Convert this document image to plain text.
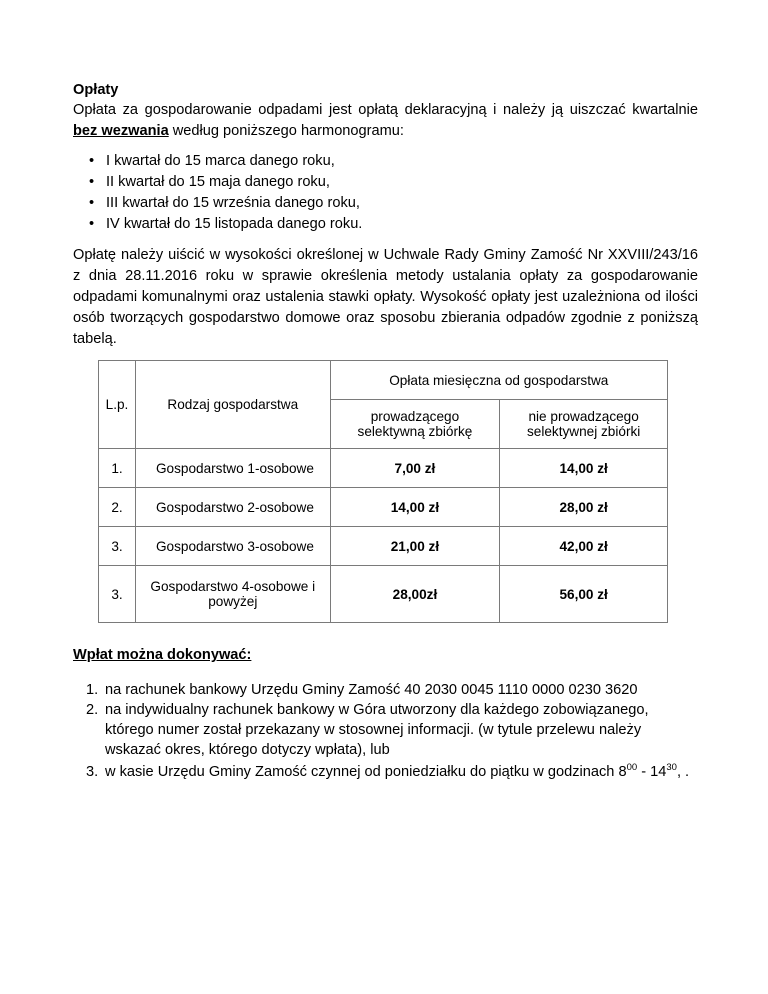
Opłaty

Opłata za gospodarowanie odpadami jest opłatą deklaracyjną i należy ją uiszczać kwartalnie bez wezwania według poniższego harmonogramu:

• I kwartał do 15 marca danego roku,
• II kwartał do 15 maja danego roku,
• III kwartał do 15 września danego roku,
• IV kwartał do 15 listopada danego roku.

Opłatę należy uiścić w wysokości określonej w Uchwale Rady Gminy Zamość Nr XXVIII/243/16 z dnia 28.11.2016 roku w sprawie określenia metody ustalania opłaty za gospodarowanie odpadami komunalnymi oraz ustalenia stawki opłaty. Wysokość opłaty jest uzależniona od ilości osób tworzących gospodarstwo domowe oraz sposobu zbierania odpadów zgodnie z poniższą tabelą.

L.p.	Rodzaj gospodarstwa	Opłata miesięczna od gospodarstwa	
		prowadzącego selektywną zbiórkę	nie prowadzącego selektywnej zbiórki
1.	Gospodarstwo 1-osobowe	7,00 zł	14,00 zł
2.	Gospodarstwo 2-osobowe	14,00 zł	28,00 zł
3.	Gospodarstwo 3-osobowe	21,00 zł	42,00 zł
3.	Gospodarstwo 4-osobowe i powyżej	28,00zł	56,00 zł

Wpłat można dokonywać:

1. na rachunek bankowy Urzędu Gminy Zamość 40 2030 0045 1110 0000 0230 3620
2. na indywidualny rachunek bankowy w Góra utworzony dla każdego zobowiązanego, którego numer został przekazany w stosownej informacji. (w tytule przelewu należy wskazać okres, którego dotyczy wpłata), lub
3. w kasie Urzędu Gminy Zamość czynnej od poniedziałku do piątku w godzinach $8^{00} - 14^{30}$, .
